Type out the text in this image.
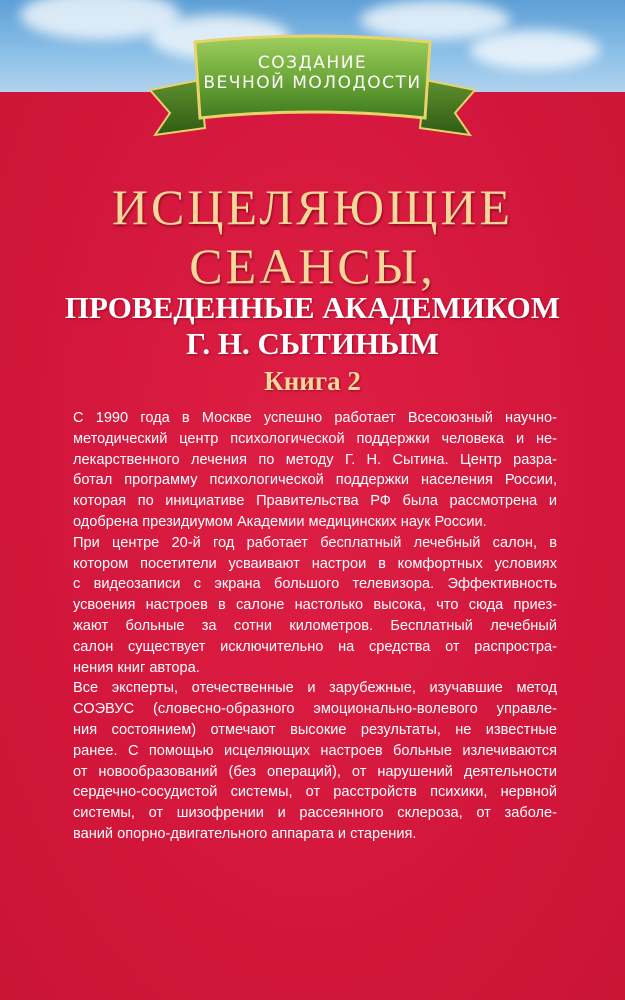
СОЗДАНИЕ
ВЕЧНОЙ МОЛОДОСТИ
ИСЦЕЛЯЮЩИЕ
СЕАНСЫ,
ПРОВЕДЕННЫЕ АКАДЕМИКОМ
Г. Н. СЫТИНЫМ
Книга 2
С 1990 года в Москве успешно работает Всесоюзный научно-
методический центр психологической поддержки человека и не-
лекарственного лечения по методу Г. Н. Сытина. Центр разра-
ботал программу психологической поддержки населения России,
которая по инициативе Правительства РФ была рассмотрена и
одобрена президиумом Академии медицинских наук России.
При центре 20-й год работает бесплатный лечебный салон, в
котором посетители усваивают настрои в комфортных условиях
с видеозаписи с экрана большого телевизора. Эффективность
усвоения настроев в салоне настолько высока, что сюда приез-
жают больные за сотни километров. Бесплатный лечебный
салон существует исключительно на средства от распростра-
нения книг автора.
Все эксперты, отечественные и зарубежные, изучавшие метод
СОЭВУС (словесно-образного эмоционально-волевого управле-
ния состоянием) отмечают высокие результаты, не известные
ранее. С помощью исцеляющих настроев больные излечиваются
от новообразований (без операций), от нарушений деятельности
сердечно-сосудистой системы, от расстройств психики, нервной
системы, от шизофрении и рассеянного склероза, от заболе-
ваний опорно-двигательного аппарата и старения.
